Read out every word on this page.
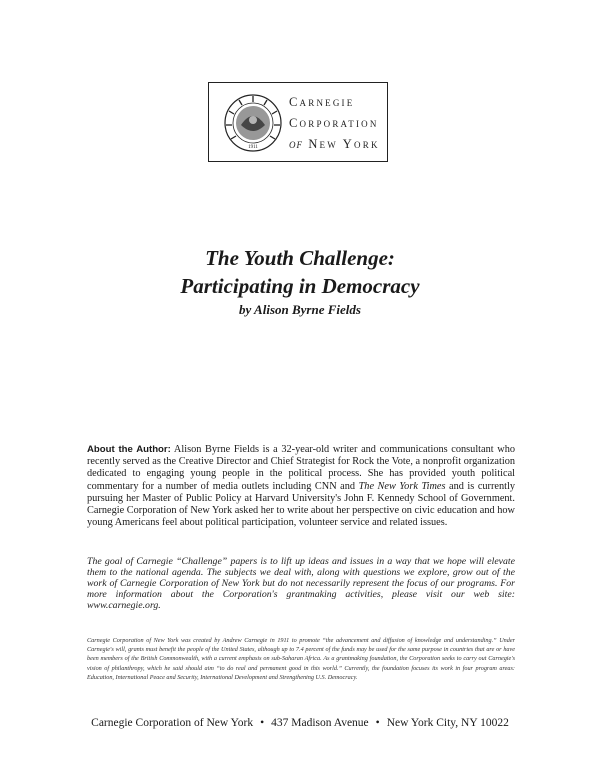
1911
Carnegie
Corporation
of New York
The Youth Challenge:
Participating in Democracy
by Alison Byrne Fields
About the Author: Alison Byrne Fields is a 32-year-old writer and communications consultant who recently served as the Creative Director and Chief Strategist for Rock the Vote, a nonprofit organization dedicated to engaging young people in the political process. She has provided youth political commentary for a number of media outlets including CNN and The New York Times and is currently pursuing her Master of Public Policy at Harvard University's John F. Kennedy School of Government. Carnegie Corporation of New York asked her to write about her perspective on civic education and how young Americans feel about political participation, volunteer service and related issues.
The goal of Carnegie “Challenge” papers is to lift up ideas and issues in a way that we hope will elevate them to the national agenda. The subjects we deal with, along with questions we explore, grow out of the work of Carnegie Corporation of New York but do not necessarily represent the focus of our programs. For more information about the Corporation's grantmaking activities, please visit our web site: www.carnegie.org.
Carnegie Corporation of New York was created by Andrew Carnegie in 1911 to promote “the advancement and diffusion of knowledge and understanding.” Under Carnegie's will, grants must benefit the people of the United States, although up to 7.4 percent of the funds may be used for the same purpose in countries that are or have been members of the British Commonwealth, with a current emphasis on sub-Saharan Africa. As a grantmaking foundation, the Corporation seeks to carry out Carnegie's vision of philanthropy, which he said should aim “to do real and permanent good in this world.” Currently, the foundation focuses its work in four program areas: Education, International Peace and Security, International Development and Strengthening U.S. Democracy.
Carnegie Corporation of New York • 437 Madison Avenue • New York City, NY 10022
